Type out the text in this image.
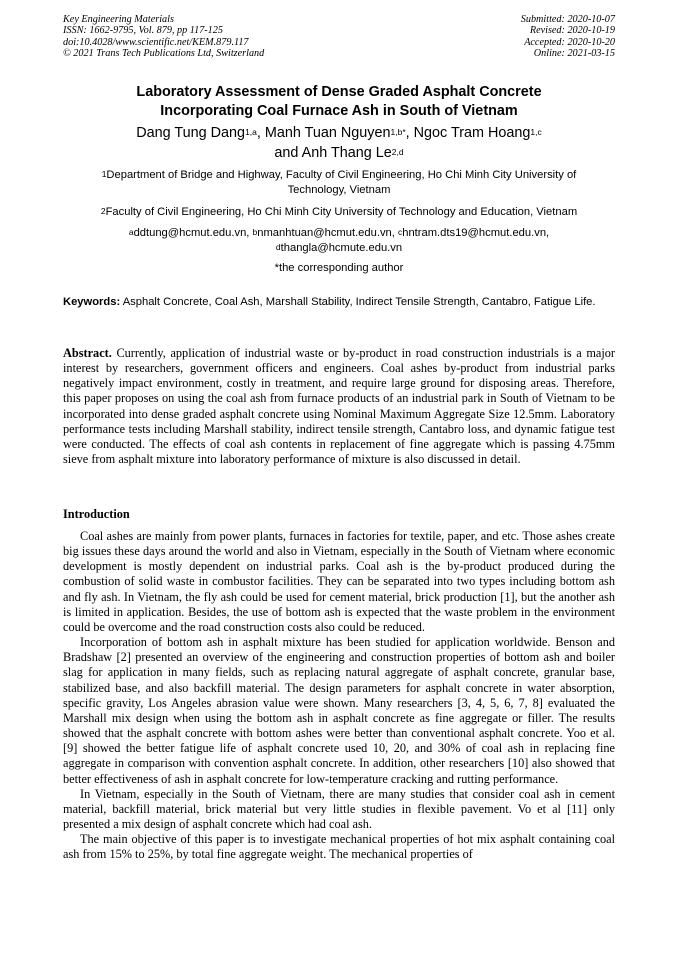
Key Engineering Materials
ISSN: 1662-9795, Vol. 879, pp 117-125
doi:10.4028/www.scientific.net/KEM.879.117
© 2021 Trans Tech Publications Ltd, Switzerland
Submitted: 2020-10-07
Revised: 2020-10-19
Accepted: 2020-10-20
Online: 2021-03-15
Laboratory Assessment of Dense Graded Asphalt Concrete
Incorporating Coal Furnace Ash in South of Vietnam
Dang Tung Dang$^{1,a}$, Manh Tuan Nguyen$^{1,b*}$, Ngoc Tram Hoang$^{1,c}$
and Anh Thang Le$^{2,d}$
$^1$Department of Bridge and Highway, Faculty of Civil Engineering, Ho Chi Minh City University of
Technology, Vietnam
$^2$Faculty of Civil Engineering, Ho Chi Minh City University of Technology and Education, Vietnam
$^a$ddtung@hcmut.edu.vn, $^b$nmanhtuan@hcmut.edu.vn, $^c$hntram.dts19@hcmut.edu.vn,
$^d$thangla@hcmute.edu.vn
*the corresponding author
Keywords: Asphalt Concrete, Coal Ash, Marshall Stability, Indirect Tensile Strength, Cantabro, Fatigue Life.
Abstract. Currently, application of industrial waste or by-product in road construction industrials is a major interest by researchers, government officers and engineers. Coal ashes by-product from industrial parks negatively impact environment, costly in treatment, and require large ground for disposing areas. Therefore, this paper proposes on using the coal ash from furnace products of an industrial park in South of Vietnam to be incorporated into dense graded asphalt concrete using Nominal Maximum Aggregate Size 12.5mm. Laboratory performance tests including Marshall stability, indirect tensile strength, Cantabro loss, and dynamic fatigue test were conducted. The effects of coal ash contents in replacement of fine aggregate which is passing 4.75mm sieve from asphalt mixture into laboratory performance of mixture is also discussed in detail.
Introduction

Coal ashes are mainly from power plants, furnaces in factories for textile, paper, and etc. Those ashes create big issues these days around the world and also in Vietnam, especially in the South of Vietnam where economic development is mostly dependent on industrial parks. Coal ash is the by-product produced during the combustion of solid waste in combustor facilities. They can be separated into two types including bottom ash and fly ash. In Vietnam, the fly ash could be used for cement material, brick production [1], but the another ash is limited in application. Besides, the use of bottom ash is expected that the waste problem in the environment could be overcome and the road construction costs also could be reduced.

Incorporation of bottom ash in asphalt mixture has been studied for application worldwide. Benson and Bradshaw [2] presented an overview of the engineering and construction properties of bottom ash and boiler slag for application in many fields, such as replacing natural aggregate of asphalt concrete, granular base, stabilized base, and also backfill material. The design parameters for asphalt concrete in water absorption, specific gravity, Los Angeles abrasion value were shown. Many researchers [3, 4, 5, 6, 7, 8] evaluated the Marshall mix design when using the bottom ash in asphalt concrete as fine aggregate or filler. The results showed that the asphalt concrete with bottom ashes were better than conventional asphalt concrete. Yoo et al. [9] showed the better fatigue life of asphalt concrete used 10, 20, and 30% of coal ash in replacing fine aggregate in comparison with convention asphalt concrete. In addition, other researchers [10] also showed that better effectiveness of ash in asphalt concrete for low-temperature cracking and rutting performance.

In Vietnam, especially in the South of Vietnam, there are many studies that consider coal ash in cement material, backfill material, brick material but very little studies in flexible pavement. Vo et al [11] only presented a mix design of asphalt concrete which had coal ash.

The main objective of this paper is to investigate mechanical properties of hot mix asphalt containing coal ash from 15% to 25%, by total fine aggregate weight. The mechanical properties of
